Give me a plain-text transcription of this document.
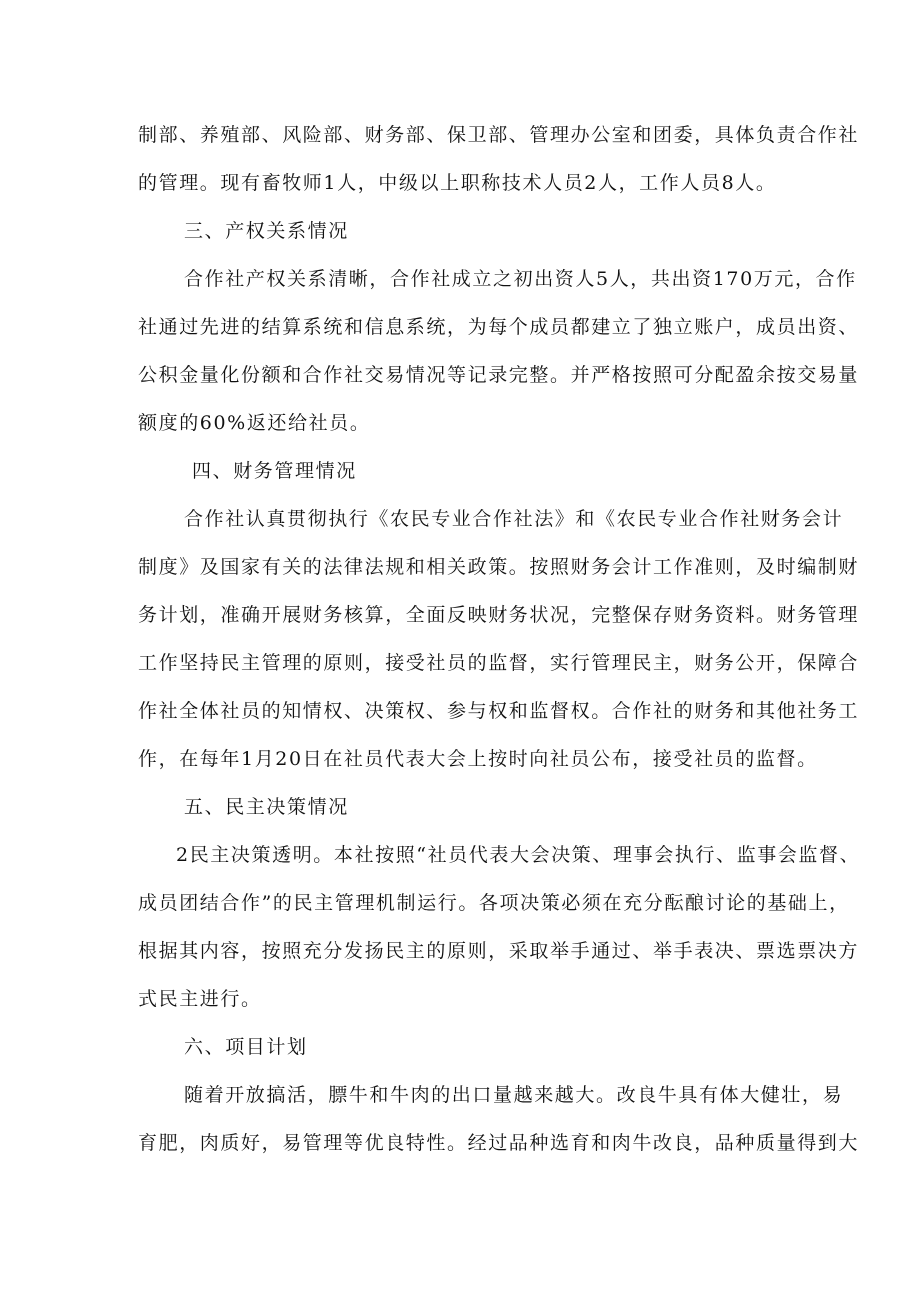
制部、养殖部、风险部、财务部、保卫部、管理办公室和团委，具体负责合作社
的管理。现有畜牧师1人，中级以上职称技术人员2人，工作人员8人。
三、产权关系情况
合作社产权关系清晰，合作社成立之初出资人5人，共出资170万元，合作
社通过先进的结算系统和信息系统，为每个成员都建立了独立账户，成员出资、
公积金量化份额和合作社交易情况等记录完整。并严格按照可分配盈余按交易量
额度的60%返还给社员。
四、财务管理情况
合作社认真贯彻执行《农民专业合作社法》和《农民专业合作社财务会计
制度》及国家有关的法律法规和相关政策。按照财务会计工作准则，及时编制财
务计划，准确开展财务核算，全面反映财务状况，完整保存财务资料。财务管理
工作坚持民主管理的原则，接受社员的监督，实行管理民主，财务公开，保障合
作社全体社员的知情权、决策权、参与权和监督权。合作社的财务和其他社务工
作，在每年1月20日在社员代表大会上按时向社员公布，接受社员的监督。
五、民主决策情况
2民主决策透明。本社按照“社员代表大会决策、理事会执行、监事会监督、
成员团结合作”的民主管理机制运行。各项决策必须在充分酝酿讨论的基础上，
根据其内容，按照充分发扬民主的原则，采取举手通过、举手表决、票选票决方
式民主进行。
六、项目计划
随着开放搞活，膘牛和牛肉的出口量越来越大。改良牛具有体大健壮，易
育肥，肉质好，易管理等优良特性。经过品种选育和肉牛改良，品种质量得到大
